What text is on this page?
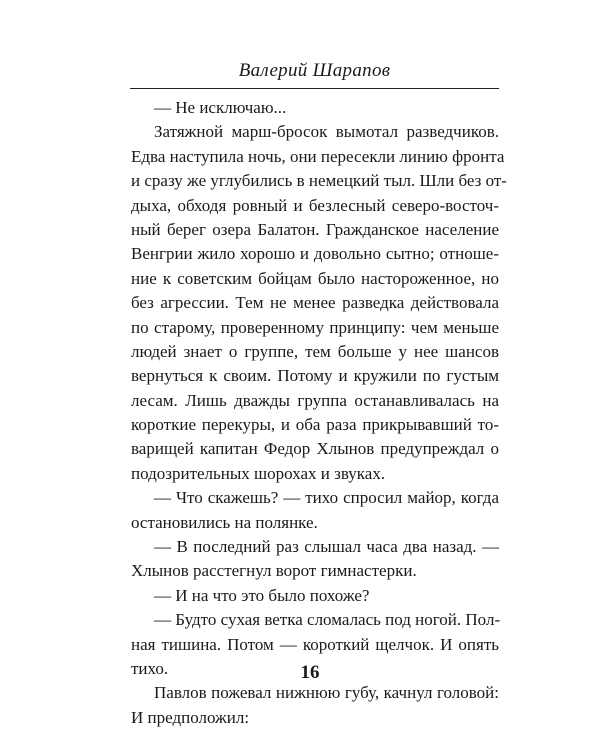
Валерий Шарапов
— Не исключаю...
Затяжной марш-бросок вымотал разведчиков.
Едва наступила ночь, они пересекли линию фронта
и сразу же углубились в немецкий тыл. Шли без от-
дыха, обходя ровный и безлесный северо-восточ-
ный берег озера Балатон. Гражданское население
Венгрии жило хорошо и довольно сытно; отноше-
ние к советским бойцам было настороженное, но
без агрессии. Тем не менее разведка действовала
по старому, проверенному принципу: чем меньше
людей знает о группе, тем больше у нее шансов
вернуться к своим. Потому и кружили по густым
лесам. Лишь дважды группа останавливалась на
короткие перекуры, и оба раза прикрывавший то-
варищей капитан Федор Хлынов предупреждал о
подозрительных шорохах и звуках.
— Что скажешь? — тихо спросил майор, когда
остановились на полянке.
— В последний раз слышал часа два назад. —
Хлынов расстегнул ворот гимнастерки.
— И на что это было похоже?
— Будто сухая ветка сломалась под ногой. Пол-
ная тишина. Потом — короткий щелчок. И опять
тихо.
Павлов пожевал нижнюю губу, качнул головой:
И предположил:
16
